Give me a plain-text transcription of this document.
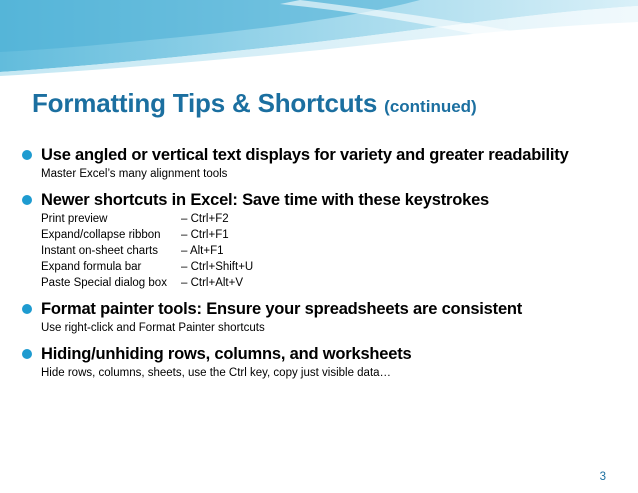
Formatting Tips & Shortcuts (continued)
Use angled or vertical text displays for variety and greater readability
Master Excel’s many alignment tools
Newer shortcuts in Excel: Save time with these keystrokes
Print preview	– Ctrl+F2
Expand/collapse ribbon	– Ctrl+F1
Instant on-sheet charts	– Alt+F1
Expand formula bar	– Ctrl+Shift+U
Paste Special dialog box	– Ctrl+Alt+V
Format painter tools: Ensure your spreadsheets are consistent
Use right-click and Format Painter shortcuts
Hiding/unhiding rows, columns, and worksheets
Hide rows, columns, sheets, use the Ctrl key, copy just visible data…
3
